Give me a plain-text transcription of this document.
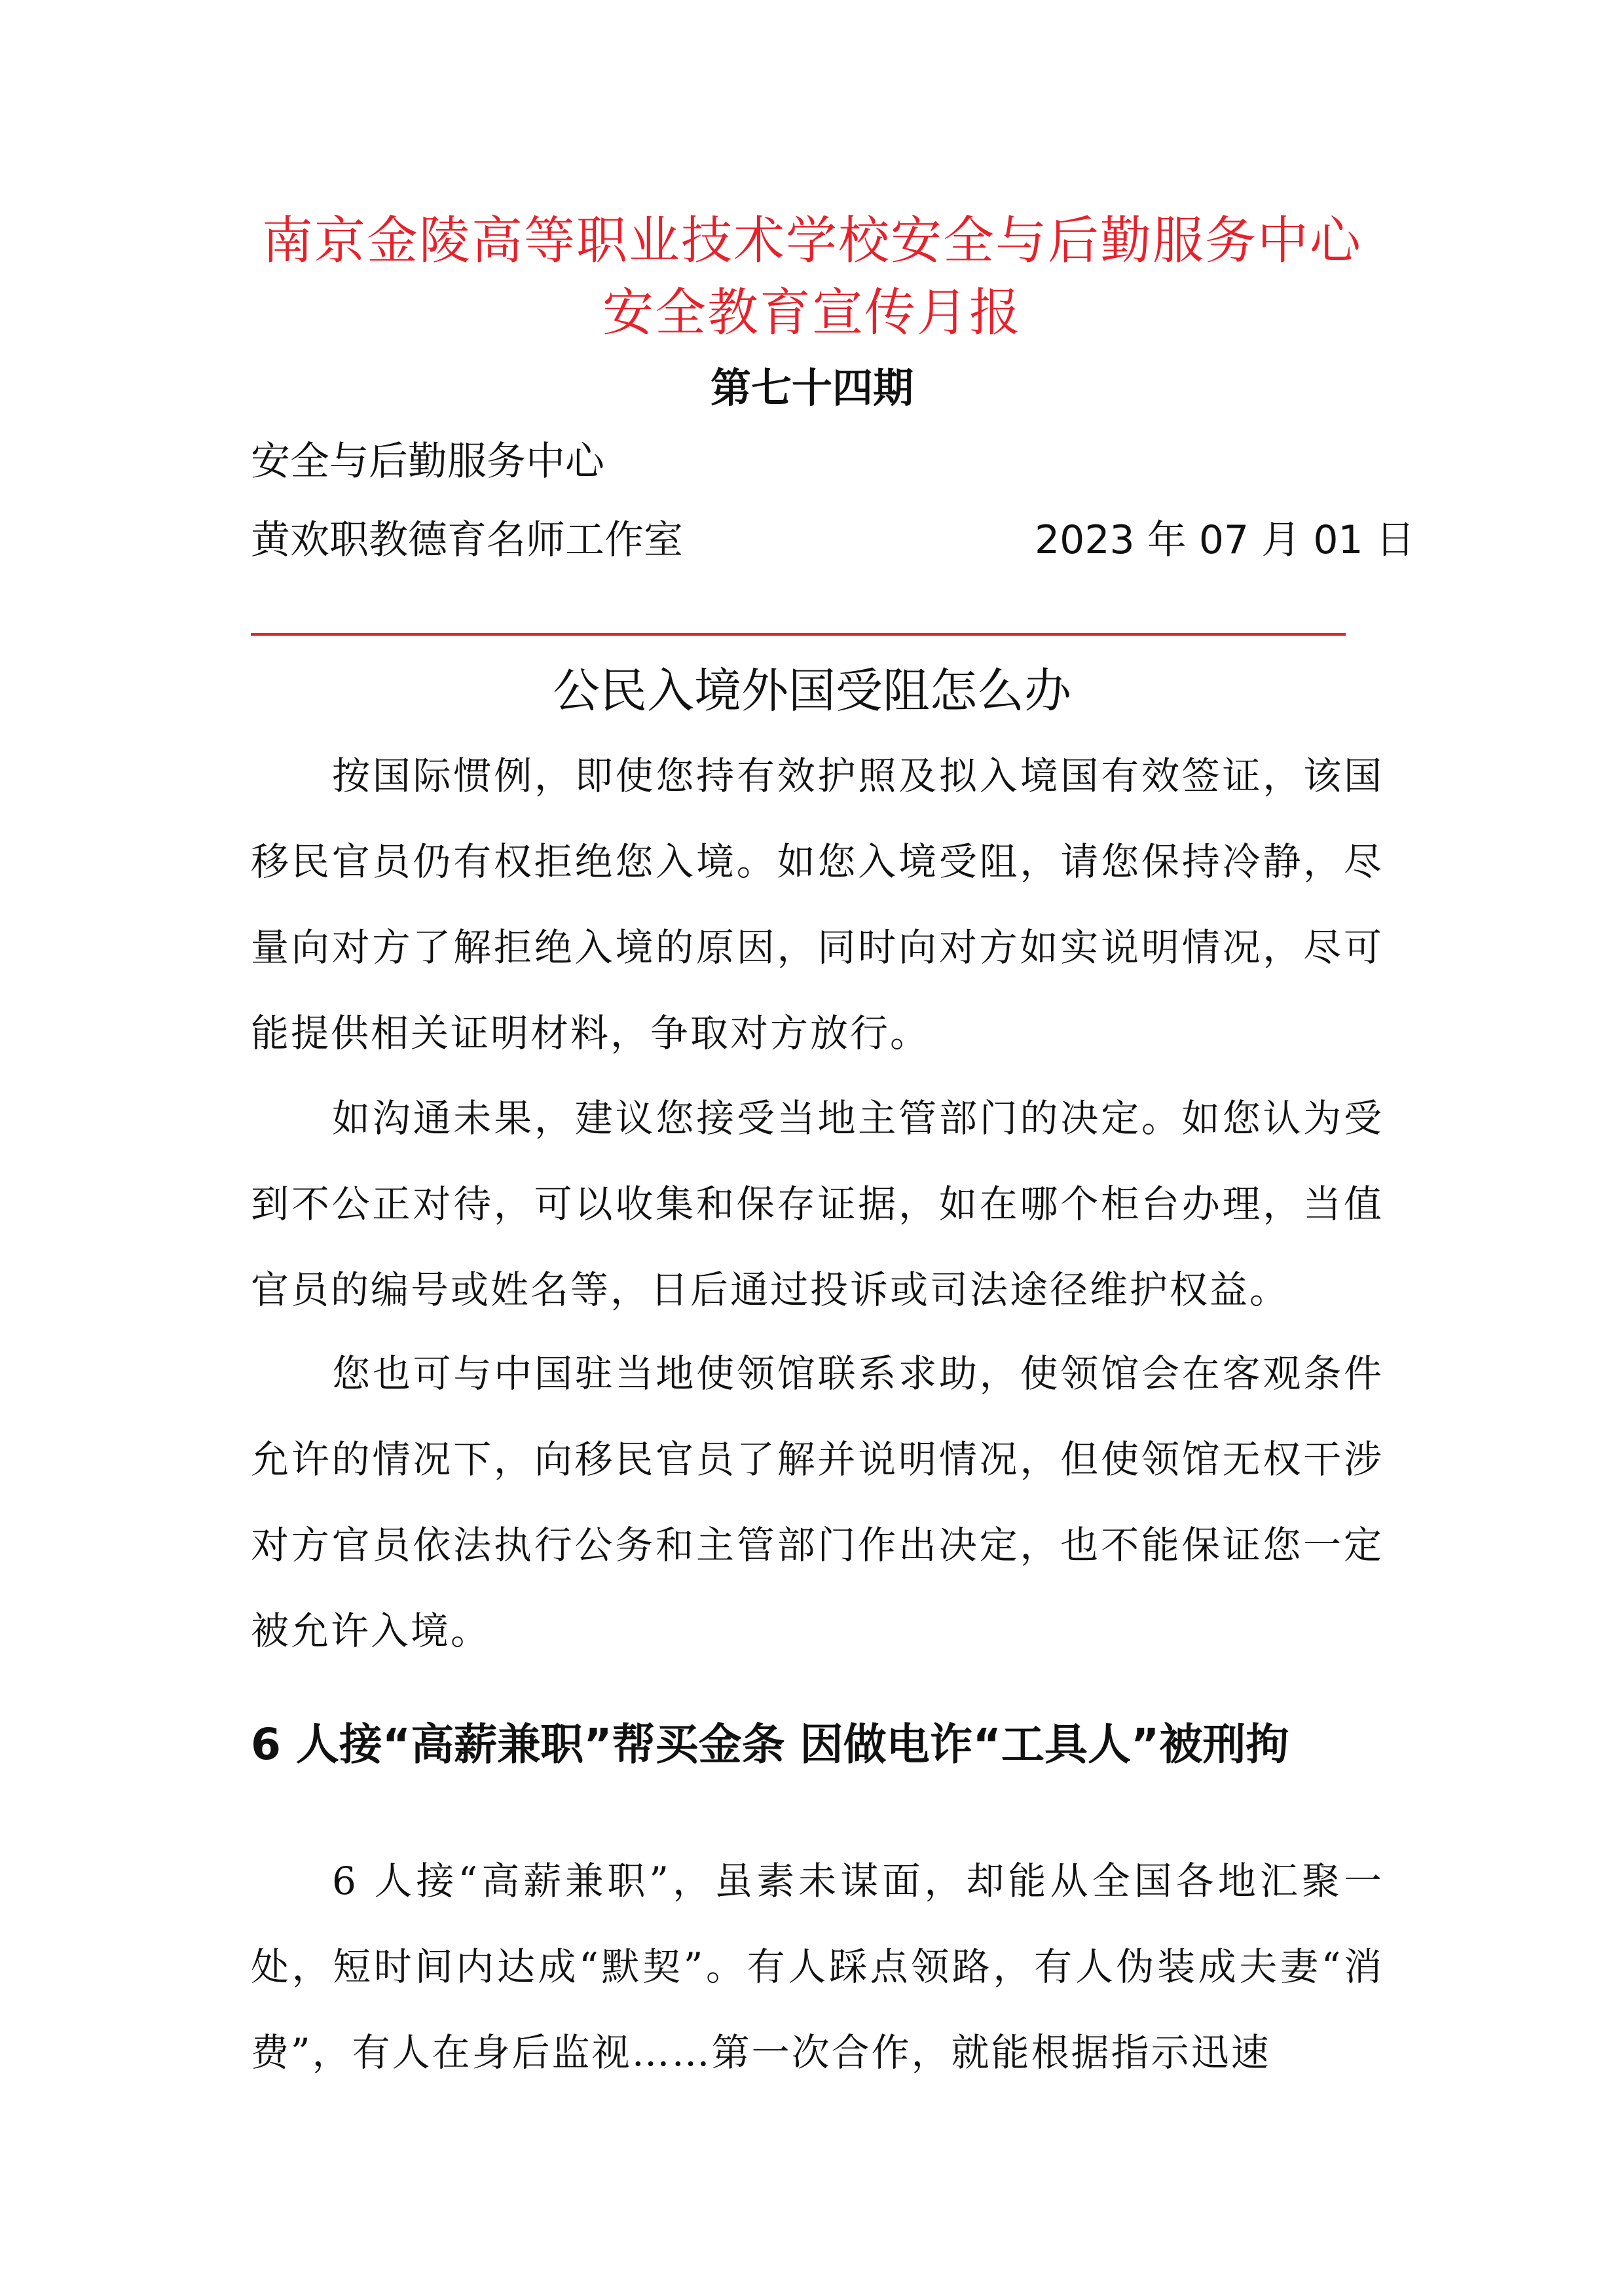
南京金陵高等职业技术学校安全与后勤服务中心
安全教育宣传月报
第七十四期
安全与后勤服务中心
黄欢职教德育名师工作室	2023 年 07 月 01 日
公民入境外国受阻怎么办

按国际惯例，即使您持有效护照及拟入境国有效签证，该国移民官员仍有权拒绝您入境。如您入境受阻，请您保持冷静，尽量向对方了解拒绝入境的原因，同时向对方如实说明情况，尽可能提供相关证明材料，争取对方放行。

如沟通未果，建议您接受当地主管部门的决定。如您认为受到不公正对待，可以收集和保存证据，如在哪个柜台办理，当值官员的编号或姓名等，日后通过投诉或司法途径维护权益。

您也可与中国驻当地使领馆联系求助，使领馆会在客观条件允许的情况下，向移民官员了解并说明情况，但使领馆无权干涉对方官员依法执行公务和主管部门作出决定，也不能保证您一定被允许入境。

6 人接“高薪兼职”帮买金条 因做电诈“工具人”被刑拘

6 人接“高薪兼职”，虽素未谋面，却能从全国各地汇聚一处，短时间内达成“默契”。有人踩点领路，有人伪装成夫妻“消费”，有人在身后监视……第一次合作，就能根据指示迅速
